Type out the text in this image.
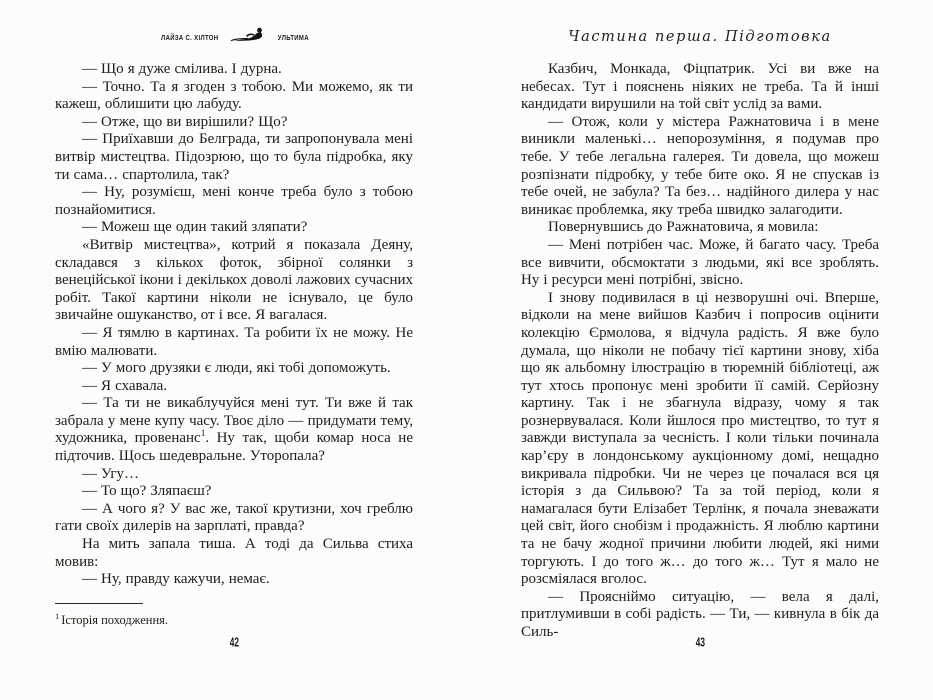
Лайза С. Хілтон	Ультима

— Що я дуже смілива. І дурна.

— Точно. Та я згоден з тобою. Ми можемо, як ти кажеш, облишити цю лабуду.

— Отже, що ви вирішили? Що?

— Приїхавши до Белграда, ти запропонувала мені витвір мистецтва. Підозрюю, що то була підробка, яку ти сама… спартолила, так?

— Ну, розумієш, мені конче треба було з тобою познайомитися.

— Можеш ще один такий зляпати?

«Витвір мистецтва», котрий я показала Деяну, складався з кількох фоток, збірної солянки з венеційської ікони і декількох доволі лажових сучасних робіт. Такої картини ніколи не існувало, це було звичайне ошуканство, от і все. Я вагалася.

— Я тямлю в картинах. Та робити їх не можу. Не вмію малювати.

— У мого друзяки є люди, які тобі допоможуть.

— Я схавала.

— Та ти не викаблучуйся мені тут. Ти вже й так забрала у мене купу часу. Твоє діло — придумати тему, художника, провенанс$^1$. Ну так, щоби комар носа не підточив. Щось шедевральне. Уторопала?

— Угу…

— То що? Зляпаєш?

— А чого я? У вас же, такої крутизни, хоч греблю гати своїх дилерів на зарплаті, правда?

На мить запала тиша. А тоді да Сильва стиха мовив:

— Ну, правду кажучи, немає.

$^1$ Історія походження.
42
Частина перша. Підготовка

Казбич, Монкада, Фіцпатрик. Усі ви вже на небесах. Тут і пояснень ніяких не треба. Та й інші кандидати вирушили на той світ услід за вами.

— Отож, коли у містера Ражнатовича і в мене виникли маленькі… непорозуміння, я подумав про тебе. У тебе легальна галерея. Ти довела, що можеш розпізнати підробку, у тебе бите око. Я не спускав із тебе очей, не забула? Та без… надійного дилера у нас виникає проблемка, яку треба швидко залагодити.

Повернувшись до Ражнатовича, я мовила:

— Мені потрібен час. Може, й багато часу. Треба все вивчити, обсмоктати з людьми, які все зроблять. Ну і ресурси мені потрібні, звісно.

І знову подивилася в ці незворушні очі. Вперше, відколи на мене вийшов Казбич і попросив оцінити колекцію Єрмолова, я відчула радість. Я вже було думала, що ніколи не побачу тієї картини знову, хіба що як альбомну ілюстрацію в тюремній бібліотеці, аж тут хтось пропонує мені зробити її самій. Серйозну картину. Так і не збагнула відразу, чому я так рознервувалася. Коли йшлося про мистецтво, то тут я завжди виступала за чесність. І коли тільки починала кар’єру в лондонському аукціонному домі, нещадно викривала підробки. Чи не через це почалася вся ця історія з да Сильвою? Та за той період, коли я намагалася бути Елізабет Терлінк, я почала зневажати цей світ, його снобізм і продажність. Я люблю картини та не бачу жодної причини любити людей, які ними торгують. І до того ж… до того ж… Тут я мало не розсміялася вголос.

— Проясніймо ситуацію, — вела я далі, притлумивши в собі радість. — Ти, — кивнула в бік да Силь-

43
